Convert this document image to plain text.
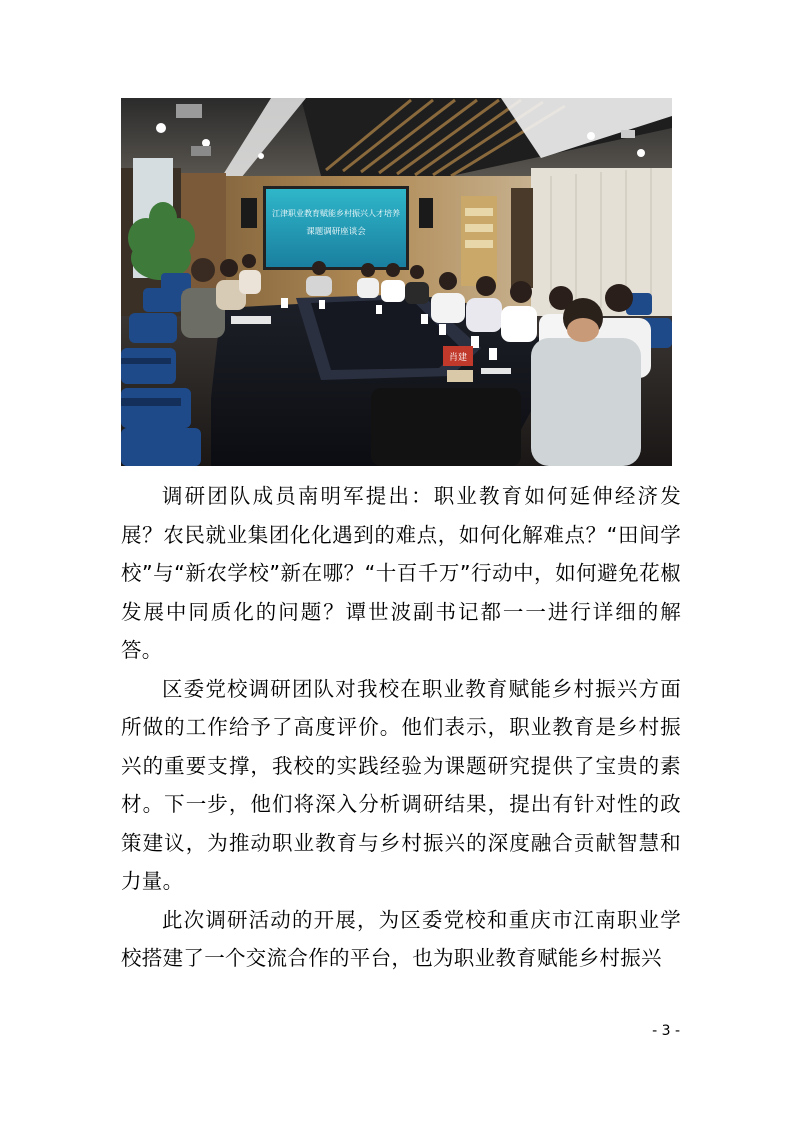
江津职业教育赋能乡村振兴人才培养
课题调研座谈会
肖建

调研团队成员南明军提出：职业教育如何延伸经济发展？农民就业集团化化遇到的难点，如何化解难点？“田间学校”与“新农学校”新在哪？“十百千万”行动中，如何避免花椒发展中同质化的问题？谭世波副书记都一一进行详细的解答。

区委党校调研团队对我校在职业教育赋能乡村振兴方面所做的工作给予了高度评价。他们表示，职业教育是乡村振兴的重要支撑，我校的实践经验为课题研究提供了宝贵的素材。下一步，他们将深入分析调研结果，提出有针对性的政策建议，为推动职业教育与乡村振兴的深度融合贡献智慧和力量。

此次调研活动的开展，为区委党校和重庆市江南职业学校搭建了一个交流合作的平台，也为职业教育赋能乡村振兴

- 3 -
